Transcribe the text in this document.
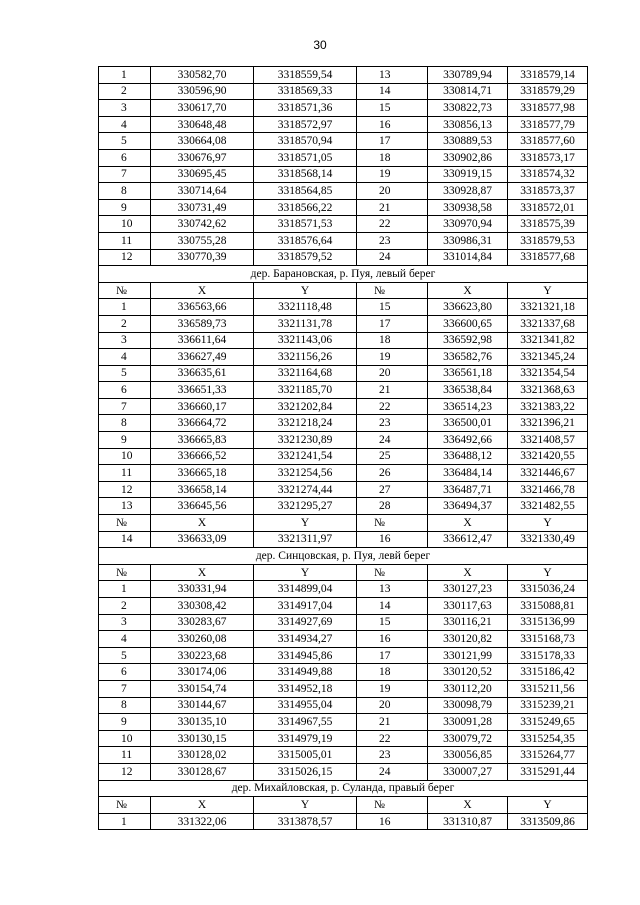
30
1	330582,70	3318559,54	13	330789,94	3318579,14
2	330596,90	3318569,33	14	330814,71	3318579,29
3	330617,70	3318571,36	15	330822,73	3318577,98
4	330648,48	3318572,97	16	330856,13	3318577,79
5	330664,08	3318570,94	17	330889,53	3318577,60
6	330676,97	3318571,05	18	330902,86	3318573,17
7	330695,45	3318568,14	19	330919,15	3318574,32
8	330714,64	3318564,85	20	330928,87	3318573,37
9	330731,49	3318566,22	21	330938,58	3318572,01
10	330742,62	3318571,53	22	330970,94	3318575,39
11	330755,28	3318576,64	23	330986,31	3318579,53
12	330770,39	3318579,52	24	331014,84	3318577,68
дер. Барановская, р. Пуя, левый берег					
№	X	Y	№	X	Y
1	336563,66	3321118,48	15	336623,80	3321321,18
2	336589,73	3321131,78	17	336600,65	3321337,68
3	336611,64	3321143,06	18	336592,98	3321341,82
4	336627,49	3321156,26	19	336582,76	3321345,24
5	336635,61	3321164,68	20	336561,18	3321354,54
6	336651,33	3321185,70	21	336538,84	3321368,63
7	336660,17	3321202,84	22	336514,23	3321383,22
8	336664,72	3321218,24	23	336500,01	3321396,21
9	336665,83	3321230,89	24	336492,66	3321408,57
10	336666,52	3321241,54	25	336488,12	3321420,55
11	336665,18	3321254,56	26	336484,14	3321446,67
12	336658,14	3321274,44	27	336487,71	3321466,78
13	336645,56	3321295,27	28	336494,37	3321482,55
№	X	Y	№	X	Y
14	336633,09	3321311,97	16	336612,47	3321330,49
дер. Синцовская, р. Пуя, левй берег					
№	X	Y	№	X	Y
1	330331,94	3314899,04	13	330127,23	3315036,24
2	330308,42	3314917,04	14	330117,63	3315088,81
3	330283,67	3314927,69	15	330116,21	3315136,99
4	330260,08	3314934,27	16	330120,82	3315168,73
5	330223,68	3314945,86	17	330121,99	3315178,33
6	330174,06	3314949,88	18	330120,52	3315186,42
7	330154,74	3314952,18	19	330112,20	3315211,56
8	330144,67	3314955,04	20	330098,79	3315239,21
9	330135,10	3314967,55	21	330091,28	3315249,65
10	330130,15	3314979,19	22	330079,72	3315254,35
11	330128,02	3315005,01	23	330056,85	3315264,77
12	330128,67	3315026,15	24	330007,27	3315291,44
дер. Михайловская, р. Суланда, правый берег					
№	X	Y	№	X	Y
1	331322,06	3313878,57	16	331310,87	3313509,86
